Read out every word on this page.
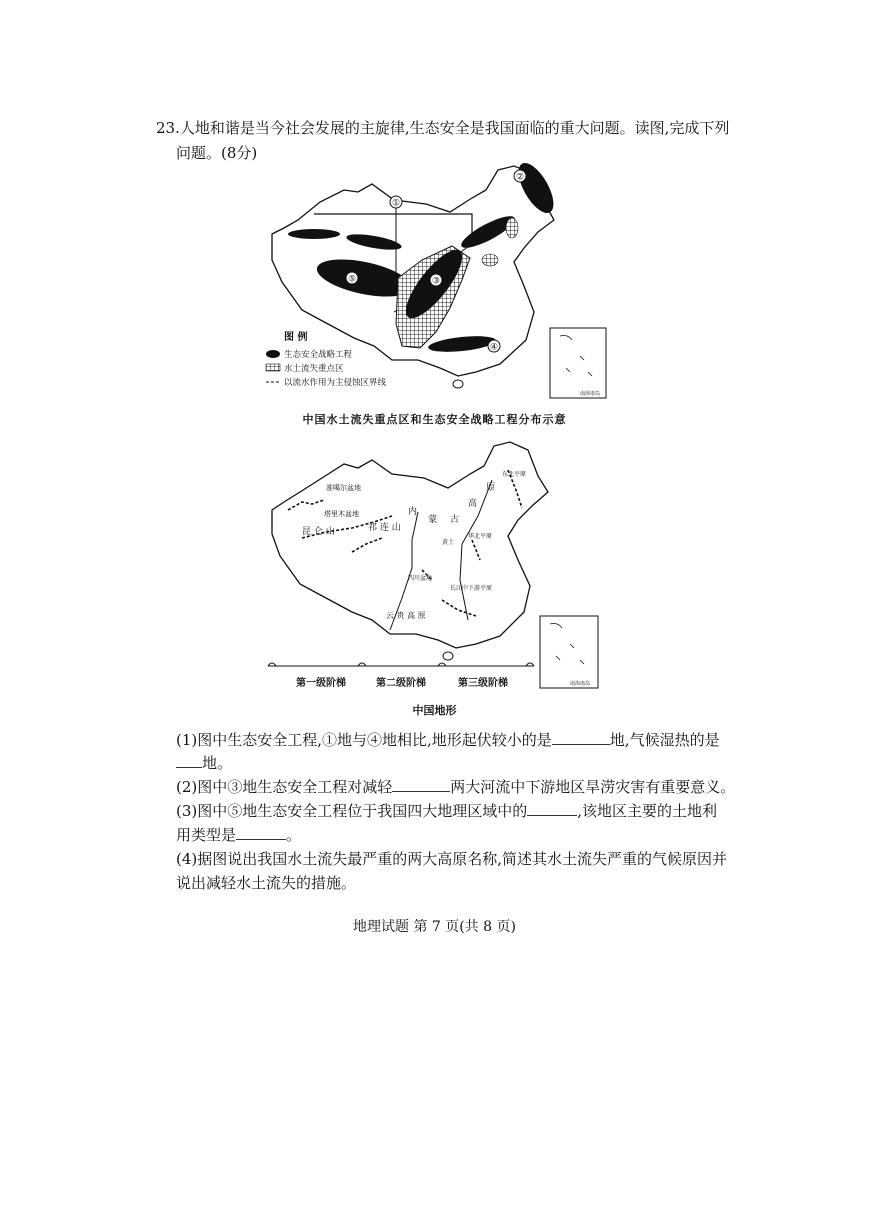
23.人地和谐是当今社会发展的主旋律,生态安全是我国面临的重大问题。读图,完成下列
问题。(8分)
①
②
③
④
⑤
图 例
生态安全战略工程
水土流失重点区
以流水作用为主侵蚀区界线
南海诸岛
中国水土流失重点区和生态安全战略工程分布示意
准噶尔盆地
塔里木盆地
昆 仑 山	祁 连 山
内
蒙 古
高
原
东北平原
华北平原
黄土
四川盆地
长江中下游平原
云 贵 高 原
南海诸岛
第一级阶梯	第二级阶梯	第三级阶梯
中国地形
(1)图中生态安全工程,①地与④地相比,地形起伏较小的是	地,气候湿热的是
地。
(2)图中③地生态安全工程对减轻	两大河流中下游地区旱涝灾害有重要意义。
(3)图中⑤地生态安全工程位于我国四大地理区域中的	,该地区主要的土地利
用类型是	。
(4)据图说出我国水土流失最严重的两大高原名称,简述其水土流失严重的气候原因并
说出减轻水土流失的措施。
地理试题 第 7 页(共 8 页)
